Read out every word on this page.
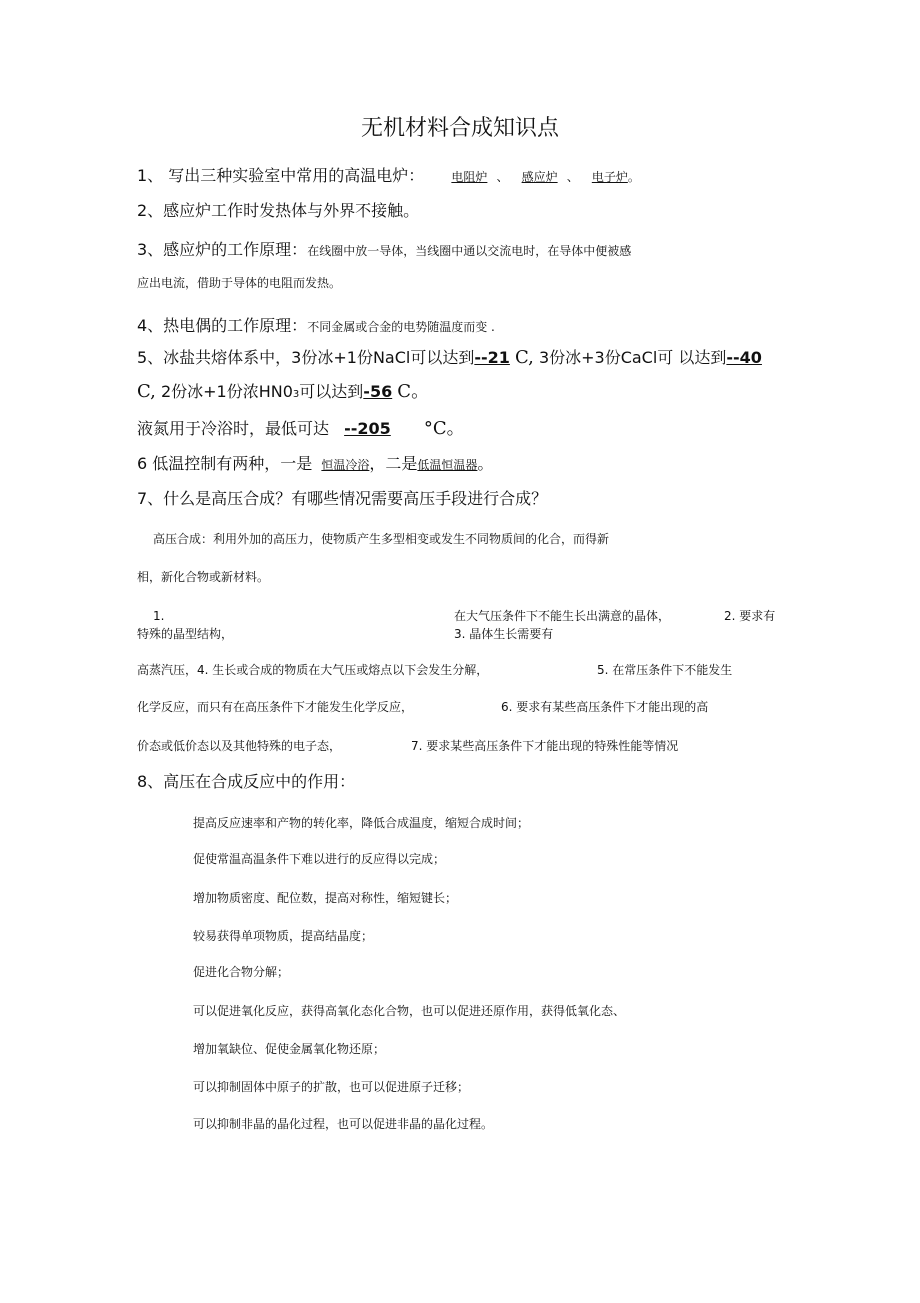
无机材料合成知识点
1、 写出三种实验室中常用的高温电炉： 电阻炉 、 感应炉 、 电子炉。
2、感应炉工作时发热体与外界不接触。
3、感应炉的工作原理：在线圈中放一导体，当线圈中通以交流电时，在导体中便被感
应出电流，借助于导体的电阻而发热。
4、热电偶的工作原理：不同金属或合金的电势随温度而变 .
5、冰盐共熔体系中，3份冰+1份NaCl可以达到--21 C, 3份冰+3份CaCl可 以达到--40
C, 2份冰+1份浓HN03可以达到-56 C。
液氮用于冷浴时，最低可达 --205 °C。
6 低温控制有两种，一是 恒温冷浴，二是低温恒温器。
7、什么是高压合成？有哪些情况需要高压手段进行合成？
高压合成：利用外加的高压力，使物质产生多型相变或发生不同物质间的化合，而得新
相，新化合物或新材料。
1.	在大气压条件下不能生长出满意的晶体，	2. 要求有
特殊的晶型结构，	3. 晶体生长需要有
高蒸汽压，4. 生长或合成的物质在大气压或熔点以下会发生分解，	5. 在常压条件下不能发生
化学反应，而只有在高压条件下才能发生化学反应，	6. 要求有某些高压条件下才能出现的高
价态或低价态以及其他特殊的电子态，	7. 要求某些高压条件下才能出现的特殊性能等情况
8、高压在合成反应中的作用：
提高反应速率和产物的转化率，降低合成温度，缩短合成时间；
促使常温高温条件下难以进行的反应得以完成；
增加物质密度、配位数，提高对称性，缩短键长；
较易获得单项物质，提高结晶度；
促进化合物分解；
可以促进氧化反应，获得高氧化态化合物，也可以促进还原作用，获得低氧化态、
增加氧缺位、促使金属氧化物还原；
可以抑制固体中原子的扩散，也可以促进原子迁移；
可以抑制非晶的晶化过程，也可以促进非晶的晶化过程。
